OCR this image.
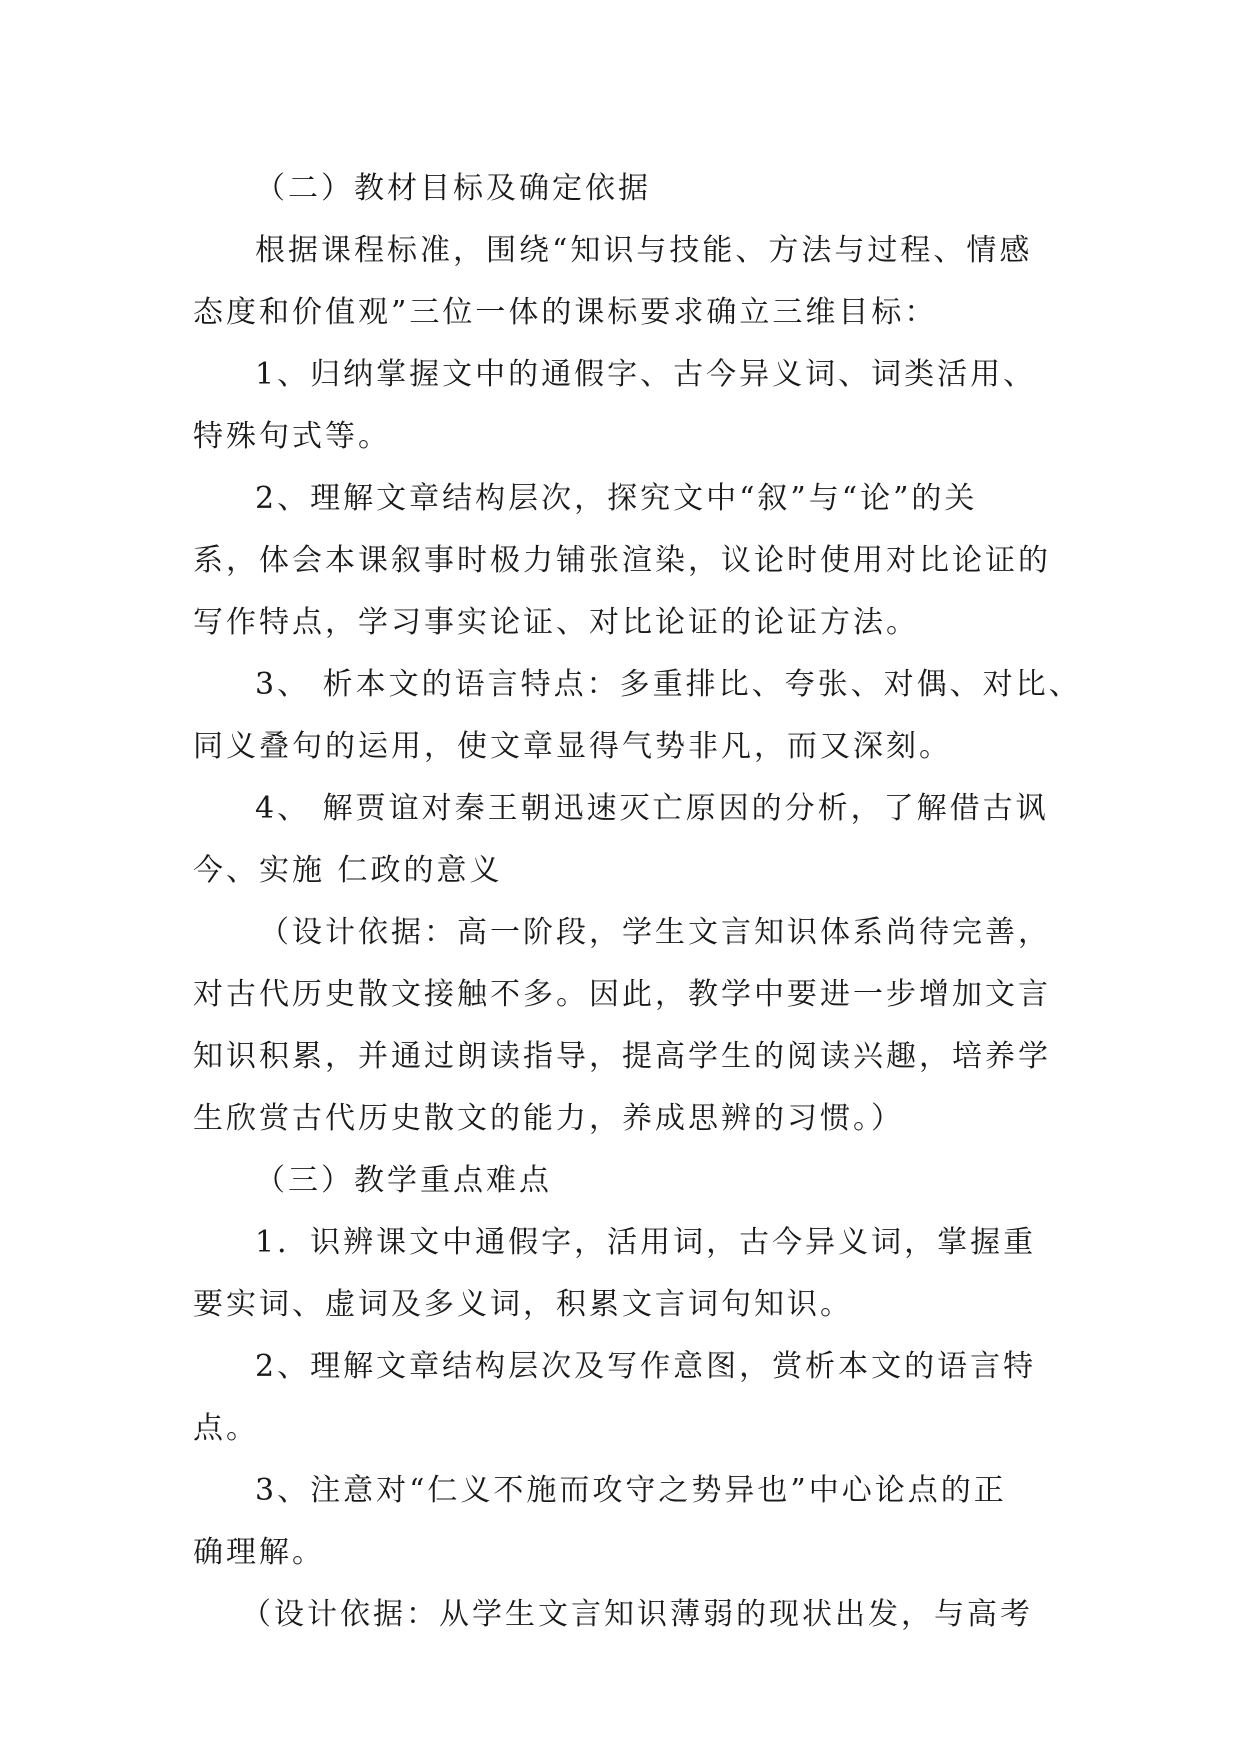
（二）教材目标及确定依据
根据课程标准，围绕“知识与技能、方法与过程、情感
态度和价值观”三位一体的课标要求确立三维目标：
1、归纳掌握文中的通假字、古今异义词、词类活用、
特殊句式等。
2、理解文章结构层次，探究文中“叙”与“论”的关
系，体会本课叙事时极力铺张渲染，议论时使用对比论证的
写作特点，学习事实论证、对比论证的论证方法。
3、 析本文的语言特点：多重排比、夸张、对偶、对比、
同义叠句的运用，使文章显得气势非凡，而又深刻。
4、 解贾谊对秦王朝迅速灭亡原因的分析，了解借古讽
今、实施 仁政的意义
（设计依据：高一阶段，学生文言知识体系尚待完善，
对古代历史散文接触不多。因此，教学中要进一步增加文言
知识积累，并通过朗读指导，提高学生的阅读兴趣，培养学
生欣赏古代历史散文的能力，养成思辨的习惯。）
（三）教学重点难点
1．识辨课文中通假字，活用词，古今异义词，掌握重
要实词、虚词及多义词，积累文言词句知识。
2、理解文章结构层次及写作意图，赏析本文的语言特
点。
3、注意对“仁义不施而攻守之势异也”中心论点的正
确理解。
（设计依据：从学生文言知识薄弱的现状出发，与高考
